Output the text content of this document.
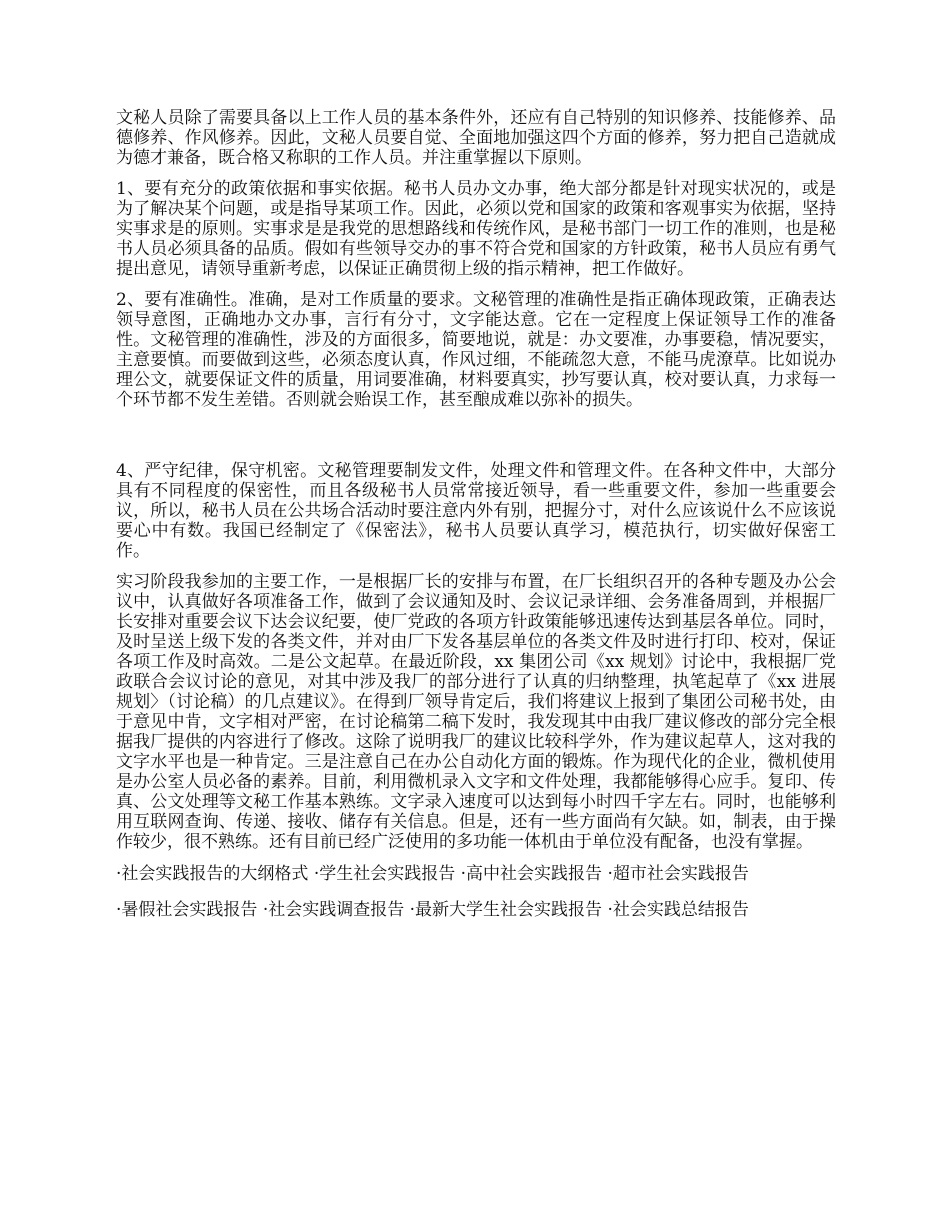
文秘人员除了需要具备以上工作人员的基本条件外，还应有自己特别的知识修养、技能修养、品德修养、作风修养。因此，文秘人员要自觉、全面地加强这四个方面的修养，努力把自己造就成为德才兼备，既合格又称职的工作人员。并注重掌握以下原则。

1、要有充分的政策依据和事实依据。秘书人员办文办事，绝大部分都是针对现实状况的，或是为了解决某个问题，或是指导某项工作。因此，必须以党和国家的政策和客观事实为依据，坚持实事求是的原则。实事求是是我党的思想路线和传统作风，是秘书部门一切工作的准则，也是秘书人员必须具备的品质。假如有些领导交办的事不符合党和国家的方针政策，秘书人员应有勇气提出意见，请领导重新考虑，以保证正确贯彻上级的指示精神，把工作做好。

2、要有准确性。准确，是对工作质量的要求。文秘管理的准确性是指正确体现政策，正确表达领导意图，正确地办文办事，言行有分寸，文字能达意。它在一定程度上保证领导工作的准备性。文秘管理的准确性，涉及的方面很多，简要地说，就是：办文要准，办事要稳，情况要实，主意要慎。而要做到这些，必须态度认真，作风过细，不能疏忽大意，不能马虎潦草。比如说办理公文，就要保证文件的质量，用词要准确，材料要真实，抄写要认真，校对要认真，力求每一个环节都不发生差错。否则就会贻误工作，甚至酿成难以弥补的损失。

4、严守纪律，保守机密。文秘管理要制发文件，处理文件和管理文件。在各种文件中，大部分具有不同程度的保密性，而且各级秘书人员常常接近领导，看一些重要文件，参加一些重要会议，所以，秘书人员在公共场合活动时要注意内外有别，把握分寸，对什么应该说什么不应该说要心中有数。我国已经制定了《保密法》，秘书人员要认真学习，模范执行，切实做好保密工作。

实习阶段我参加的主要工作，一是根据厂长的安排与布置，在厂长组织召开的各种专题及办公会议中，认真做好各项准备工作，做到了会议通知及时、会议记录详细、会务准备周到，并根据厂长安排对重要会议下达会议纪要，使厂党政的各项方针政策能够迅速传达到基层各单位。同时，及时呈送上级下发的各类文件，并对由厂下发各基层单位的各类文件及时进行打印、校对，保证各项工作及时高效。二是公文起草。在最近阶段，xx 集团公司《xx 规划》讨论中，我根据厂党政联合会议讨论的意见，对其中涉及我厂的部分进行了认真的归纳整理，执笔起草了《xx 进展规划〉（讨论稿）的几点建议》。在得到厂领导肯定后，我们将建议上报到了集团公司秘书处，由于意见中肯，文字相对严密，在讨论稿第二稿下发时，我发现其中由我厂建议修改的部分完全根据我厂提供的内容进行了修改。这除了说明我厂的建议比较科学外，作为建议起草人，这对我的文字水平也是一种肯定。三是注意自己在办公自动化方面的锻炼。作为现代化的企业，微机使用是办公室人员必备的素养。目前，利用微机录入文字和文件处理，我都能够得心应手。复印、传真、公文处理等文秘工作基本熟练。文字录入速度可以达到每小时四千字左右。同时，也能够利用互联网查询、传递、接收、储存有关信息。但是，还有一些方面尚有欠缺。如，制表，由于操作较少，很不熟练。还有目前已经广泛使用的多功能一体机由于单位没有配备，也没有掌握。

·社会实践报告的大纲格式 ·学生社会实践报告 ·高中社会实践报告 ·超市社会实践报告
·暑假社会实践报告 ·社会实践调查报告 ·最新大学生社会实践报告 ·社会实践总结报告
